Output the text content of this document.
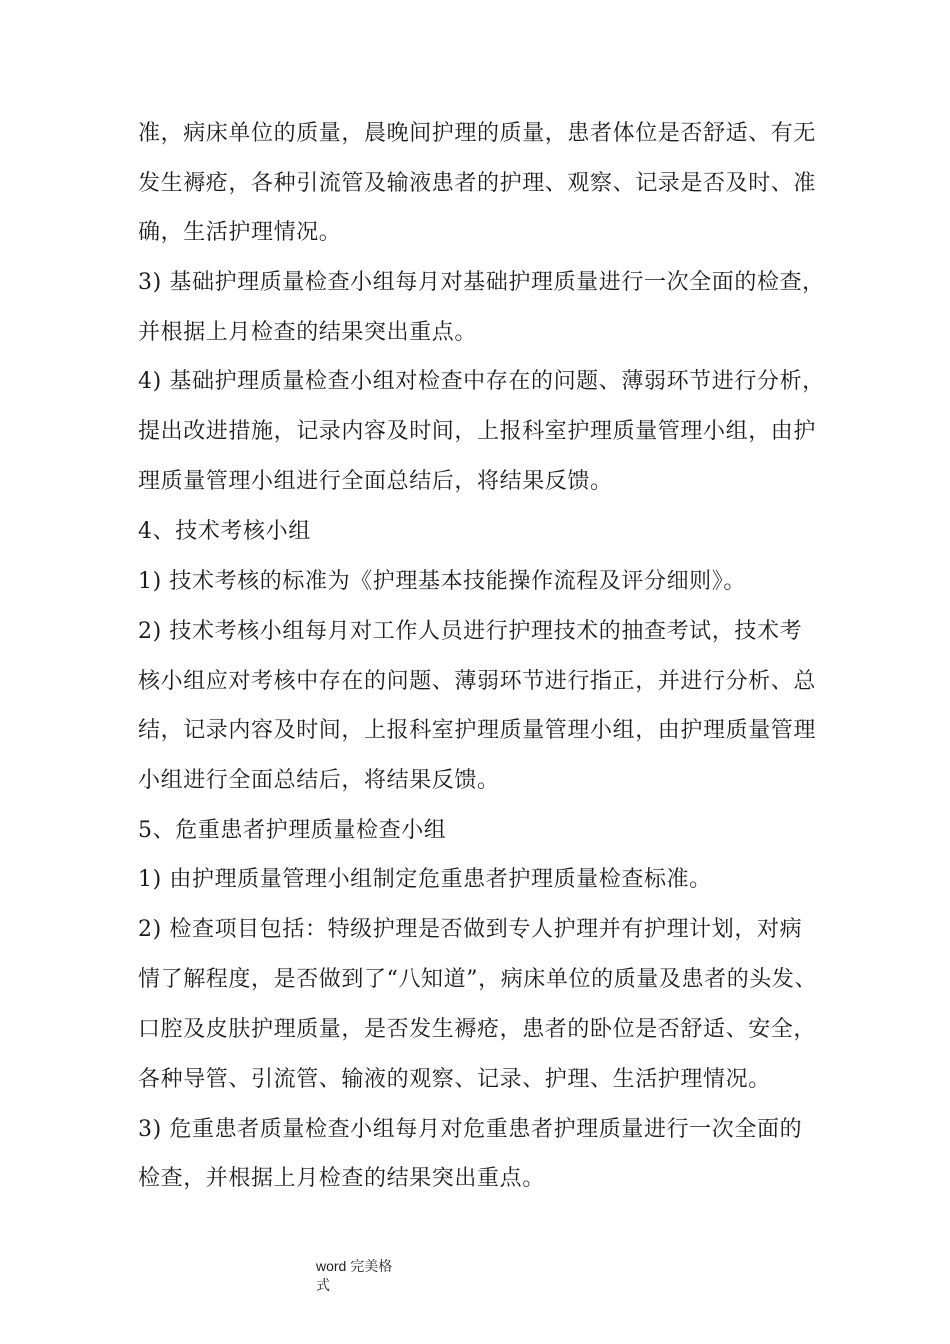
准，病床单位的质量，晨晚间护理的质量，患者体位是否舒适、有无
发生褥疮，各种引流管及输液患者的护理、观察、记录是否及时、准
确，生活护理情况。
3) 基础护理质量检查小组每月对基础护理质量进行一次全面的检查，
并根据上月检查的结果突出重点。
4) 基础护理质量检查小组对检查中存在的问题、薄弱环节进行分析，
提出改进措施，记录内容及时间，上报科室护理质量管理小组，由护
理质量管理小组进行全面总结后，将结果反馈。
4、技术考核小组
1) 技术考核的标准为《护理基本技能操作流程及评分细则》。
2) 技术考核小组每月对工作人员进行护理技术的抽查考试，技术考
核小组应对考核中存在的问题、薄弱环节进行指正，并进行分析、总
结，记录内容及时间，上报科室护理质量管理小组，由护理质量管理
小组进行全面总结后，将结果反馈。
5、危重患者护理质量检查小组
1) 由护理质量管理小组制定危重患者护理质量检查标准。
2) 检查项目包括：特级护理是否做到专人护理并有护理计划，对病
情了解程度，是否做到了“八知道”，病床单位的质量及患者的头发、
口腔及皮肤护理质量，是否发生褥疮，患者的卧位是否舒适、安全，
各种导管、引流管、输液的观察、记录、护理、生活护理情况。
3) 危重患者质量检查小组每月对危重患者护理质量进行一次全面的
检查，并根据上月检查的结果突出重点。
word 完美格
式
